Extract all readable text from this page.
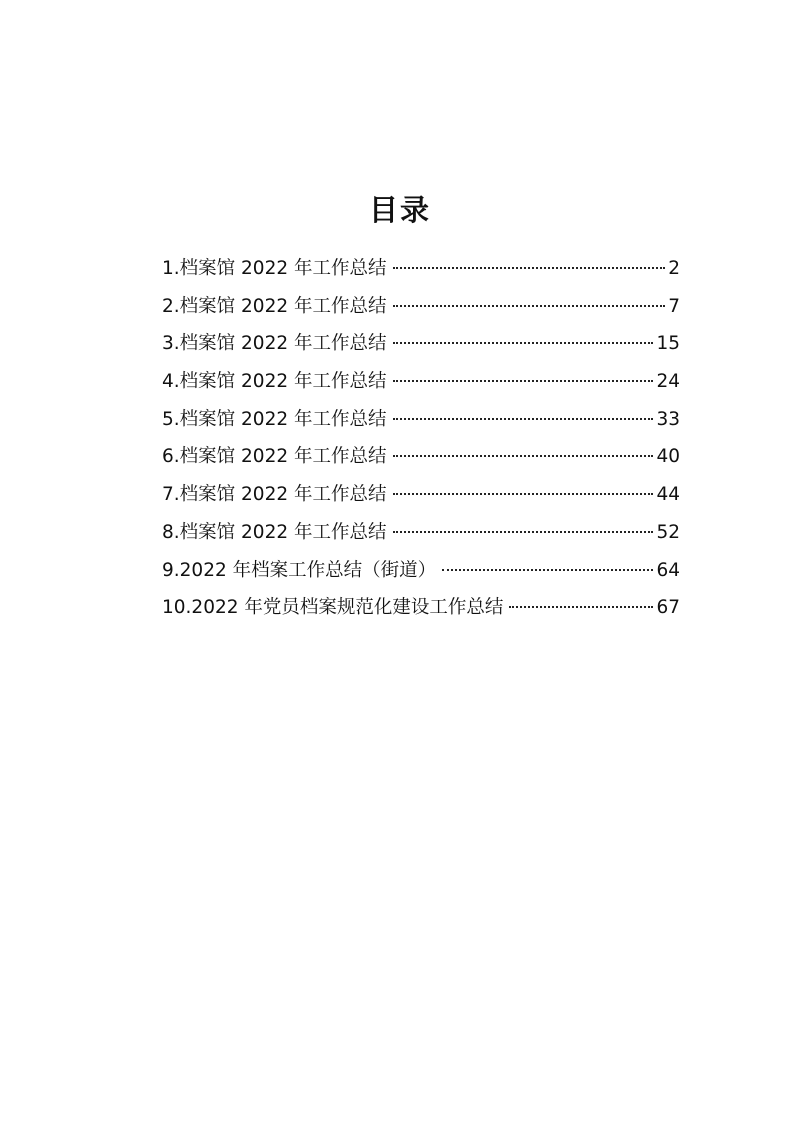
目录
1.档案馆 2022 年工作总结	2
2.档案馆 2022 年工作总结	7
3.档案馆 2022 年工作总结	15
4.档案馆 2022 年工作总结	24
5.档案馆 2022 年工作总结	33
6.档案馆 2022 年工作总结	40
7.档案馆 2022 年工作总结	44
8.档案馆 2022 年工作总结	52
9.2022 年档案工作总结（街道）	64
10.2022 年党员档案规范化建设工作总结	67
